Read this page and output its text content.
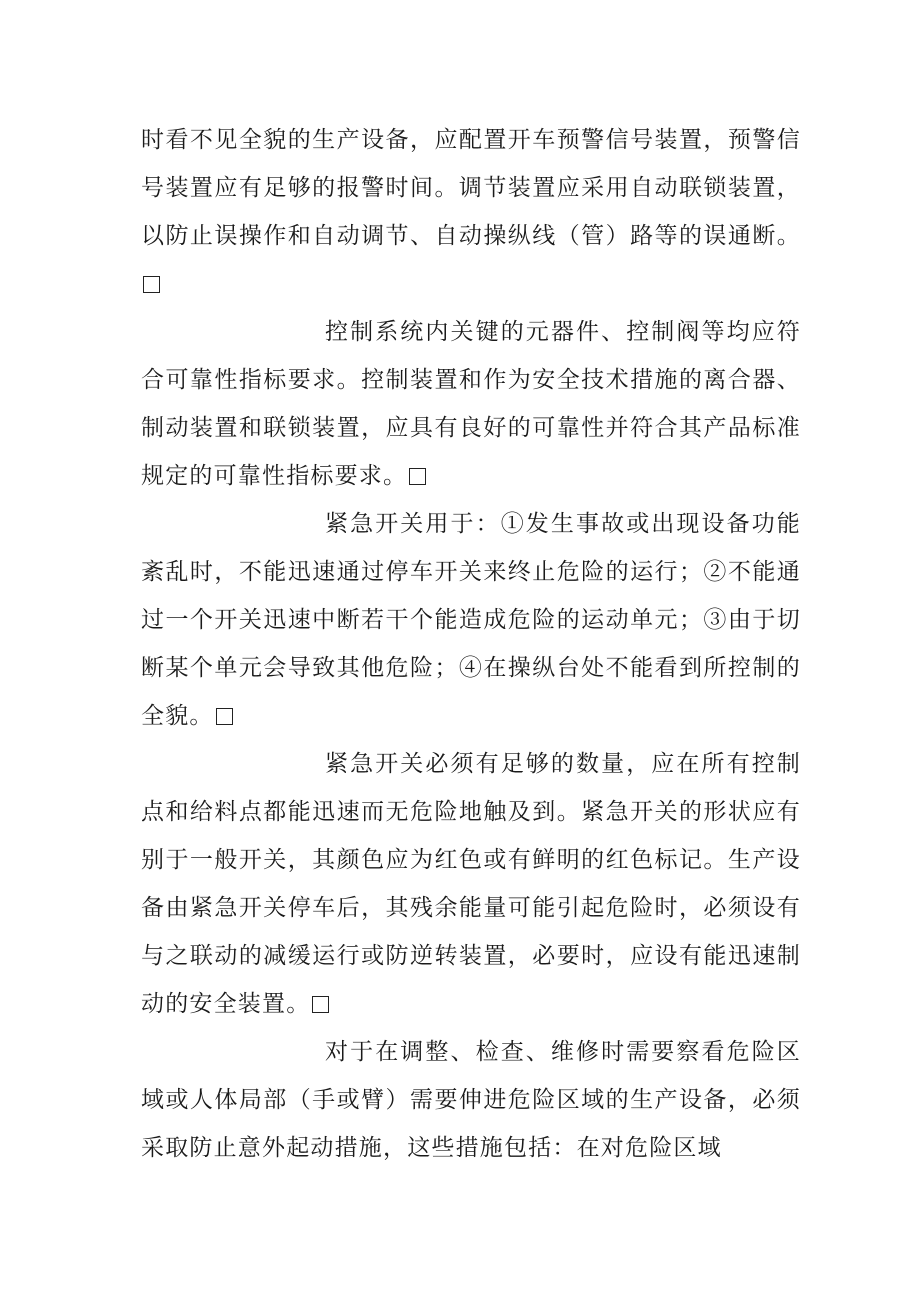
时看不见全貌的生产设备，应配置开车预警信号装置，预警信号装置应有足够的报警时间。调节装置应采用自动联锁装置，以防止误操作和自动调节、自动操纵线（管）路等的误通断。

控制系统内关键的元器件、控制阀等均应符合可靠性指标要求。控制装置和作为安全技术措施的离合器、制动装置和联锁装置，应具有良好的可靠性并符合其产品标准规定的可靠性指标要求。

紧急开关用于：①发生事故或出现设备功能紊乱时，不能迅速通过停车开关来终止危险的运行；②不能通过一个开关迅速中断若干个能造成危险的运动单元；③由于切断某个单元会导致其他危险；④在操纵台处不能看到所控制的全貌。

紧急开关必须有足够的数量，应在所有控制点和给料点都能迅速而无危险地触及到。紧急开关的形状应有别于一般开关，其颜色应为红色或有鲜明的红色标记。生产设备由紧急开关停车后，其残余能量可能引起危险时，必须设有与之联动的减缓运行或防逆转装置，必要时，应设有能迅速制动的安全装置。

对于在调整、检查、维修时需要察看危险区域或人体局部（手或臂）需要伸进危险区域的生产设备，必须采取防止意外起动措施，这些措施包括：在对危险区域
